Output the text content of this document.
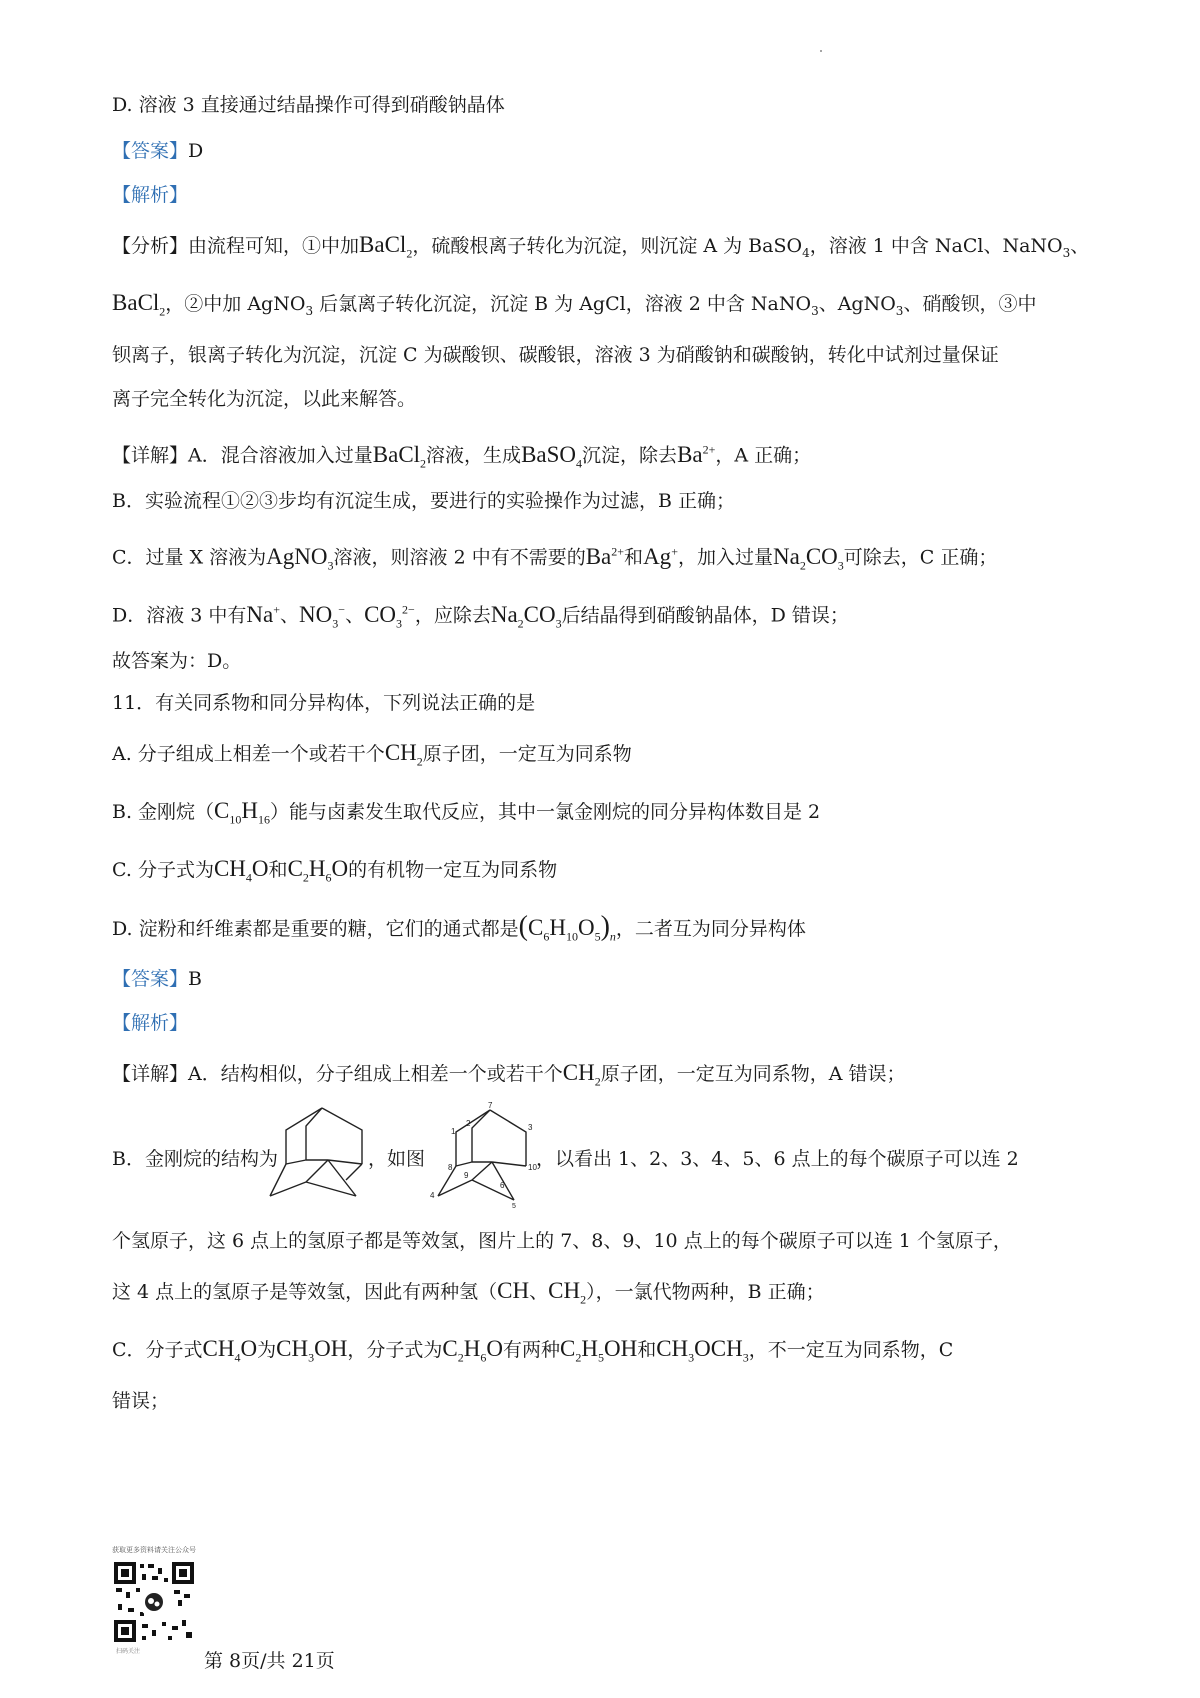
D. 溶液 3 直接通过结晶操作可得到硝酸钠晶体
【答案】D
【解析】
【分析】由流程可知，①中加BaCl$_2$，硫酸根离子转化为沉淀，则沉淀 A 为 BaSO$_4$，溶液 1 中含 NaCl、NaNO$_3$、
BaCl$_2$，②中加 AgNO$_3$ 后氯离子转化沉淀，沉淀 B 为 AgCl，溶液 2 中含 NaNO$_3$、AgNO$_3$、硝酸钡，③中
钡离子，银离子转化为沉淀，沉淀 C 为碳酸钡、碳酸银，溶液 3 为硝酸钠和碳酸钠，转化中试剂过量保证
离子完全转化为沉淀，以此来解答。
【详解】A．混合溶液加入过量BaCl$_2$溶液，生成BaSO$_4$沉淀，除去$Ba^{2+}$，A 正确；
B．实验流程①②③步均有沉淀生成，要进行的实验操作为过滤，B 正确；
C．过量 X 溶液为AgNO$_3$溶液，则溶液 2 中有不需要的$Ba^{2+}$和Ag+，加入过量$Na_2CO_3$可除去，C 正确；
D．溶液 3 中有Na+、$NO_3^-$、$CO_3^{2-}$，应除去$Na_2CO_3$后结晶得到硝酸钠晶体，D 错误；
故答案为：D。
11．有关同系物和同分异构体，下列说法正确的是
A. 分子组成上相差一个或若干个$CH_2$原子团，一定互为同系物
B. 金刚烷$(C_{10}H_{16})$能与卤素发生取代反应，其中一氯金刚烷的同分异构体数目是 2
C. 分子式为$CH_4O$和$C_2H_6O$的有机物一定互为同系物
D. 淀粉和纤维素都是重要的糖，它们的通式都是$(C_6H_{10}O_5)_n$，二者互为同分异构体
【答案】B
【解析】
【详解】A．结构相似，分子组成上相差一个或若干个$CH_2$原子团，一定互为同系物，A 错误；
B．金刚烷的结构为	，如图
1
2	3
4
5
6
7
8
9
10 ，以看出 1、2、3、4、5、6 点上的每个碳原子可以连 2
个氢原子，这 6 点上的氢原子都是等效氢，图片上的 7、8、9、10 点上的每个碳原子可以连 1 个氢原子，
这 4 点上的氢原子是等效氢，因此有两种氢（CH、$CH_2$），一氯代物两种，B 正确；
C．分子式$CH_4O$为$CH_3OH$，分子式为$C_2H_6O$有两种$C_2H_5OH$和$CH_3OCH_3$，不一定互为同系物，C
错误；
获取更多资料请关注公众号
扫码关注	第 8页/共 21页
